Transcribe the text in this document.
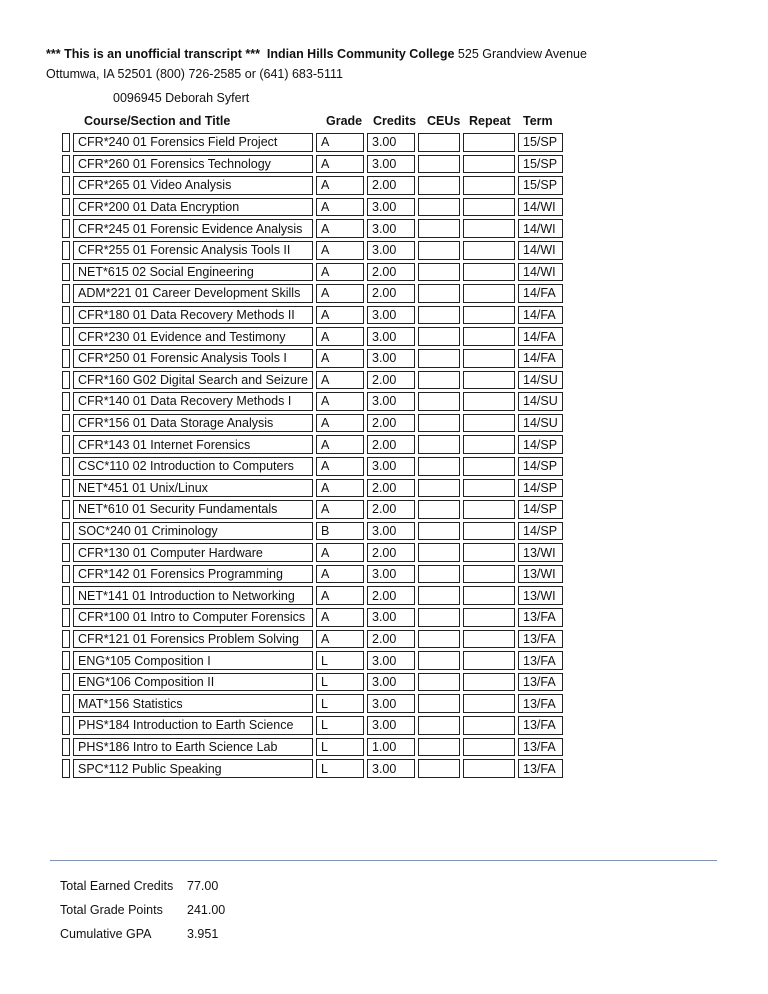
*** This is an unofficial transcript *** Indian Hills Community College 525 Grandview Avenue
Ottumwa, IA 52501 (800) 726-2585 or (641) 683-5111
0096945 Deborah Syfert
Course/Section and Title	Grade Credits CEUs Repeat Term
	CFR*240 01 Forensics Field Project	A	3.00			15/SP
	CFR*260 01 Forensics Technology	A	3.00			15/SP
	CFR*265 01 Video Analysis	A	2.00			15/SP
	CFR*200 01 Data Encryption	A	3.00			14/WI
	CFR*245 01 Forensic Evidence Analysis	A	3.00			14/WI
	CFR*255 01 Forensic Analysis Tools II	A	3.00			14/WI
	NET*615 02 Social Engineering	A	2.00			14/WI
	ADM*221 01 Career Development Skills	A	2.00			14/FA
	CFR*180 01 Data Recovery Methods II	A	3.00			14/FA
	CFR*230 01 Evidence and Testimony	A	3.00			14/FA
	CFR*250 01 Forensic Analysis Tools I	A	3.00			14/FA
	CFR*160 G02 Digital Search and Seizure	A	2.00			14/SU
	CFR*140 01 Data Recovery Methods I	A	3.00			14/SU
	CFR*156 01 Data Storage Analysis	A	2.00			14/SU
	CFR*143 01 Internet Forensics	A	2.00			14/SP
	CSC*110 02 Introduction to Computers	A	3.00			14/SP
	NET*451 01 Unix/Linux	A	2.00			14/SP
	NET*610 01 Security Fundamentals	A	2.00			14/SP
	SOC*240 01 Criminology	B	3.00			14/SP
	CFR*130 01 Computer Hardware	A	2.00			13/WI
	CFR*142 01 Forensics Programming	A	3.00			13/WI
	NET*141 01 Introduction to Networking	A	2.00			13/WI
	CFR*100 01 Intro to Computer Forensics	A	3.00			13/FA
	CFR*121 01 Forensics Problem Solving	A	2.00			13/FA
	ENG*105 Composition I	L	3.00			13/FA
	ENG*106 Composition II	L	3.00			13/FA
	MAT*156 Statistics	L	3.00			13/FA
	PHS*184 Introduction to Earth Science	L	3.00			13/FA
	PHS*186 Intro to Earth Science Lab	L	1.00			13/FA
	SPC*112 Public Speaking	L	3.00			13/FA
Total Earned Credits 77.00
Total Grade Points 241.00
Cumulative GPA	3.951
